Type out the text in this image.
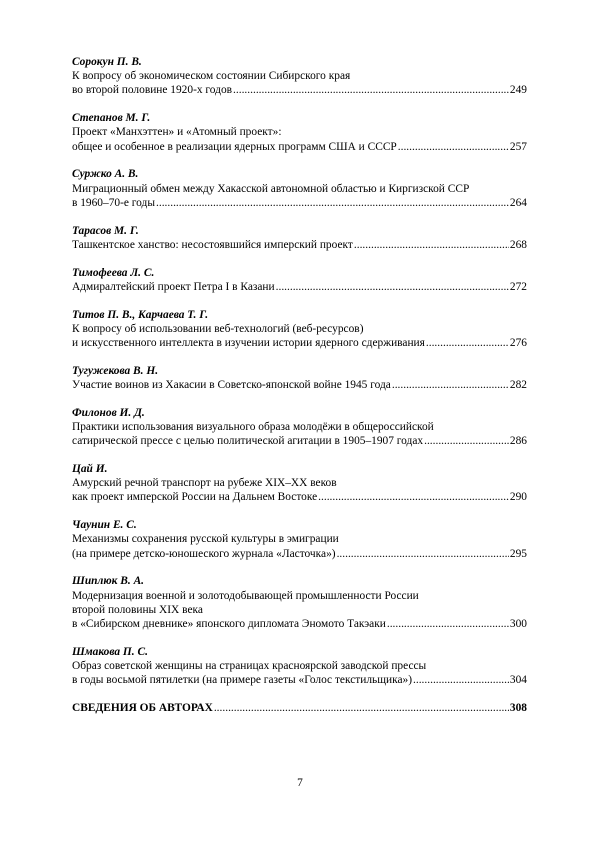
Сорокун П. В.
К вопросу об экономическом состоянии Сибирского края
во второй половине 1920-х годов .....	249
Степанов М. Г.
Проект «Манхэттен» и «Атомный проект»:
общее и особенное в реализации ядерных программ США и СССР .....	257
Суржко А. В.
Миграционный обмен между Хакасской автономной областью и Киргизской ССР
в 1960–70-е годы .....	264
Тарасов М. Г.
Ташкентское ханство: несостоявшийся имперский проект .....	268
Тимофеева Л. С.
Адмиралтейский проект Петра I в Казани .....	272
Титов П. В., Карчаева Т. Г.
К вопросу об использовании веб-технологий (веб-ресурсов)
и искусственного интеллекта в изучении истории ядерного сдерживания .....	276
Тугужекова В. Н.
Участие воинов из Хакасии в Советско-японской войне 1945 года .....	282
Филонов И. Д.
Практики использования визуального образа молодёжи в общероссийской
сатирической прессе с целью политической агитации в 1905–1907 годах .....	286
Цай И.
Амурский речной транспорт на рубеже XIX–XX веков
как проект имперской России на Дальнем Востоке .....	290
Чаунин Е. С.
Механизмы сохранения русской культуры в эмиграции
(на примере детско-юношеского журнала «Ласточка») .....	295
Шиплюк В. А.
Модернизация военной и золотодобывающей промышленности России
второй половины XIX века
в «Сибирском дневнике» японского дипломата Эномото Такэаки .....	300
Шмакова П. С.
Образ советской женщины на страницах красноярской заводской прессы
в годы восьмой пятилетки (на примере газеты «Голос текстильщика») .....	304
СВЕДЕНИЯ ОБ АВТОРАХ .....	308
7
